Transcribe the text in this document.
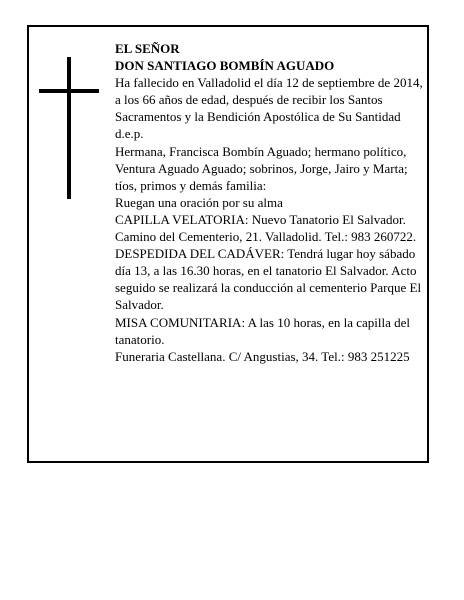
EL SEÑOR

DON SANTIAGO BOMBÍN AGUADO

Ha fallecido en Valladolid el día 12 de septiembre de 2014, a los 66 años de edad, después de recibir los Santos Sacramentos y la Bendición Apostólica de Su Santidad

d.e.p.

Hermana, Francisca Bombín Aguado; hermano político, Ventura Aguado Aguado; sobrinos, Jorge, Jairo y Marta; tíos, primos y demás familia:

Ruegan una oración por su alma

CAPILLA VELATORIA: Nuevo Tanatorio El Salvador. Camino del Cementerio, 21. Valladolid. Tel.: 983 260722.

DESPEDIDA DEL CADÁVER: Tendrá lugar hoy sábado día 13, a las 16.30 horas, en el tanatorio El Salvador. Acto seguido se realizará la conducción al cementerio Parque El Salvador.

MISA COMUNITARIA: A las 10 horas, en la capilla del tanatorio.

Funeraria Castellana. C/ Angustias, 34. Tel.: 983 251225
